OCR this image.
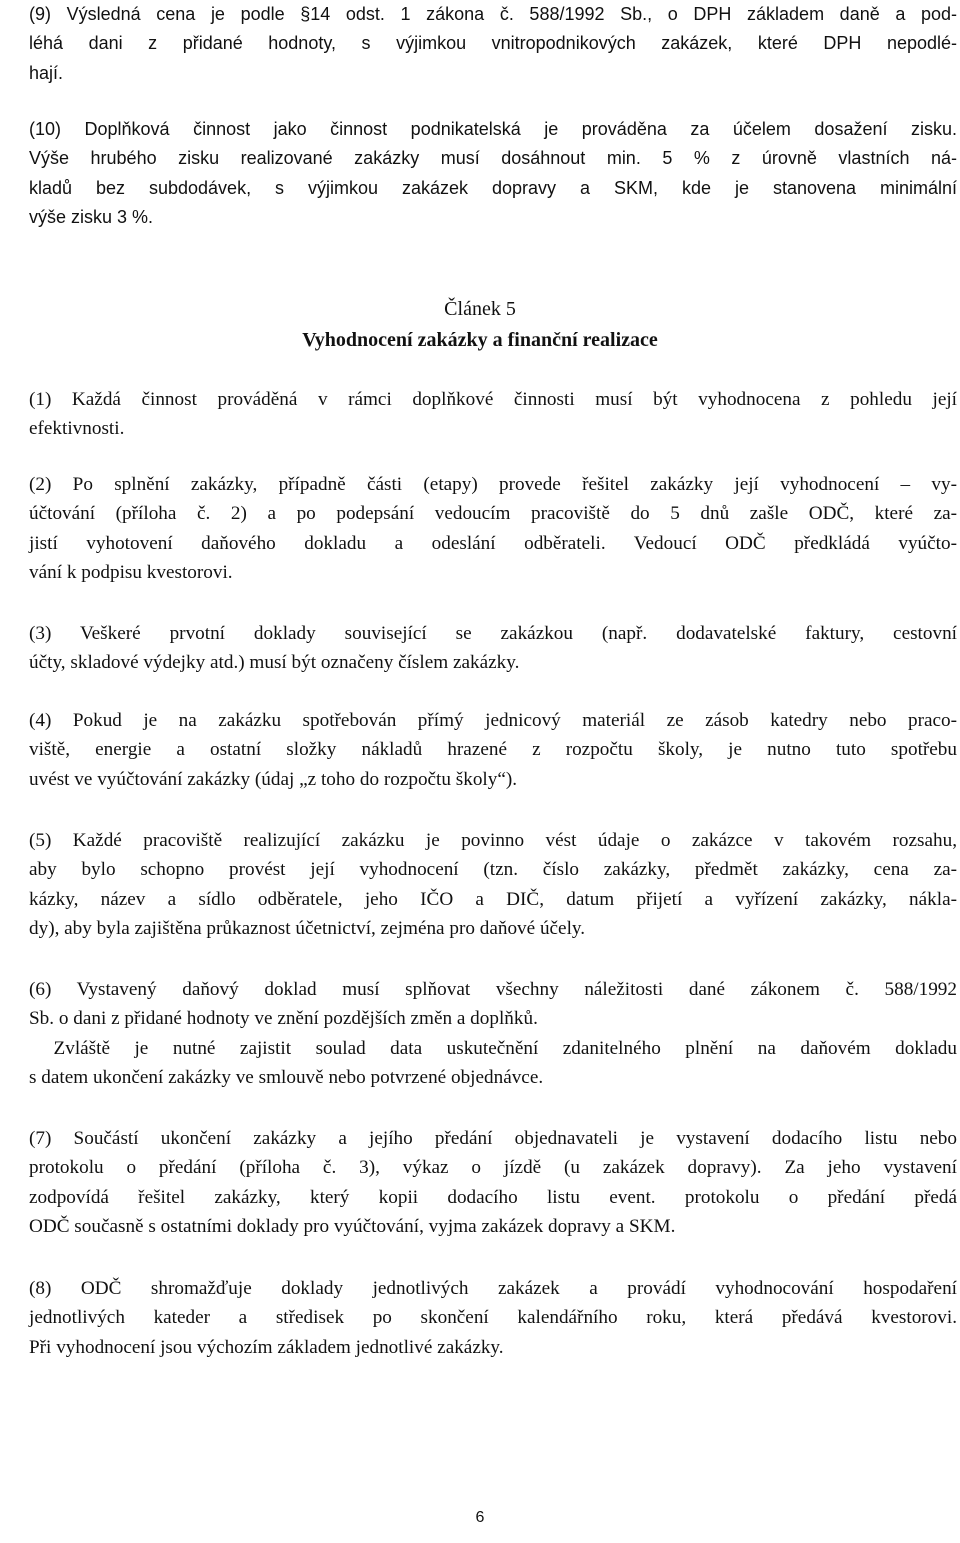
(9) Výsledná cena je podle §14 odst. 1 zákona č. 588/1992 Sb., o DPH základem daně a pod-
léhá dani z přidané hodnoty, s výjimkou vnitropodnikových zakázek, které DPH nepodlé-
hají.
(10) Doplňková činnost jako činnost podnikatelská je prováděna za účelem dosažení zisku.
Výše hrubého zisku realizované zakázky musí dosáhnout min. 5 % z úrovně vlastních ná-
kladů bez subdodávek, s výjimkou zakázek dopravy a SKM, kde je stanovena minimální
výše zisku 3 %.
Článek 5
Vyhodnocení zakázky a finanční realizace
(1) Každá činnost prováděná v rámci doplňkové činnosti musí být vyhodnocena z pohledu její
efektivnosti.
(2) Po splnění zakázky, případně části (etapy) provede řešitel zakázky její vyhodnocení – vy-
účtování (příloha č. 2) a po podepsání vedoucím pracoviště do 5 dnů zašle ODČ, které za-
jistí vyhotovení daňového dokladu a odeslání odběrateli. Vedoucí ODČ předkládá vyúčto-
vání k podpisu kvestorovi.
(3) Veškeré prvotní doklady související se zakázkou (např. dodavatelské faktury, cestovní
účty, skladové výdejky atd.) musí být označeny číslem zakázky.
(4) Pokud je na zakázku spotřebován přímý jednicový materiál ze zásob katedry nebo praco-
viště, energie a ostatní složky nákladů hrazené z rozpočtu školy, je nutno tuto spotřebu
uvést ve vyúčtování zakázky (údaj „z toho do rozpočtu školy“).
(5) Každé pracoviště realizující zakázku je povinno vést údaje o zakázce v takovém rozsahu,
aby bylo schopno provést její vyhodnocení (tzn. číslo zakázky, předmět zakázky, cena za-
kázky, název a sídlo odběratele, jeho IČO a DIČ, datum přijetí a vyřízení zakázky, nákla-
dy), aby byla zajištěna průkaznost účetnictví, zejména pro daňové účely.
(6) Vystavený daňový doklad musí splňovat všechny náležitosti dané zákonem č. 588/1992
Sb. o dani z přidané hodnoty ve znění pozdějších změn a doplňků.
Zvláště je nutné zajistit soulad data uskutečnění zdanitelného plnění na daňovém dokladu
s datem ukončení zakázky ve smlouvě nebo potvrzené objednávce.
(7) Součástí ukončení zakázky a jejího předání objednavateli je vystavení dodacího listu nebo
protokolu o předání (příloha č. 3), výkaz o jízdě (u zakázek dopravy). Za jeho vystavení
zodpovídá řešitel zakázky, který kopii dodacího listu event. protokolu o předání předá
ODČ současně s ostatními doklady pro vyúčtování, vyjma zakázek dopravy a SKM.
(8) ODČ shromažďuje doklady jednotlivých zakázek a provádí vyhodnocování hospodaření
jednotlivých kateder a středisek po skončení kalendářního roku, která předává kvestorovi.
Při vyhodnocení jsou výchozím základem jednotlivé zakázky.
6
